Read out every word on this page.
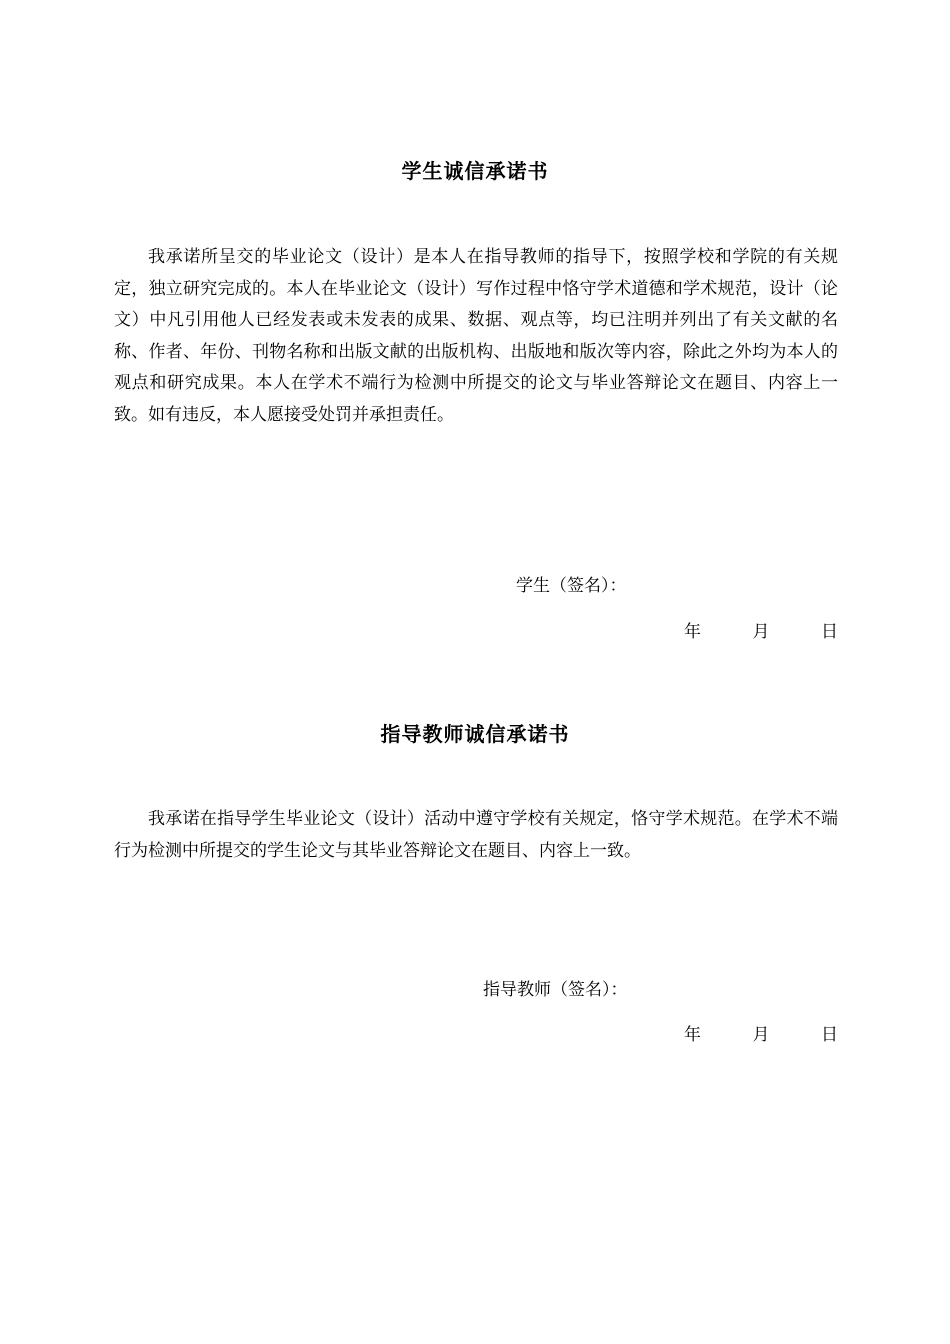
学生诚信承诺书

我承诺所呈交的毕业论文（设计）是本人在指导教师的指导下，按照学校和学院的有关规定，独立研究完成的。本人在毕业论文（设计）写作过程中恪守学术道德和学术规范，设计（论文）中凡引用他人已经发表或未发表的成果、数据、观点等，均已注明并列出了有关文献的名称、作者、年份、刊物名称和出版文献的出版机构、出版地和版次等内容，除此之外均为本人的观点和研究成果。本人在学术不端行为检测中所提交的论文与毕业答辩论文在题目、内容上一致。如有违反，本人愿接受处罚并承担责任。

学生（签名）：

年	月	日
指导教师诚信承诺书

我承诺在指导学生毕业论文（设计）活动中遵守学校有关规定，恪守学术规范。在学术不端行为检测中所提交的学生论文与其毕业答辩论文在题目、内容上一致。

指导教师（签名）：

年	月	日
